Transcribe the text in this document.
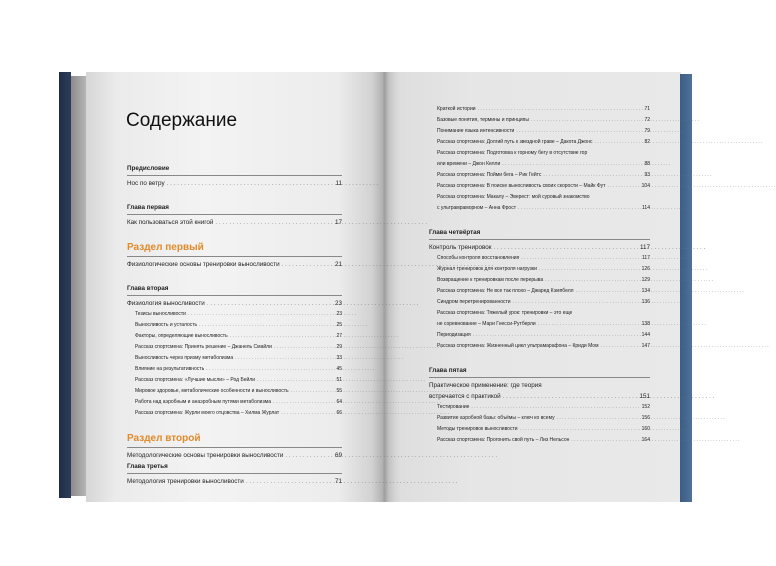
Содержание
Предисловие
Нос по ветру . . .	11
Глава первая
Как пользоваться этой книгой . . .	17
Раздел первый
Физиологические основы тренировки выносливости . . .	21
Глава вторая
Физиология выносливости . . .	23
Тезисы выносливости . . .	23
Выносливость и усталость . . .	25
Факторы, определяющие выносливость . . .	27
Рассказ спортсмена: Принять решение – Джанель Смайли . . .	29
Выносливость через призму метаболизма . . .	33
Влияние на результативность . . .	45
Рассказ спортсмена: «Лучшие мысли» – Род Бейли . . .	51
Мировое здоровье, метаболические особенности и выносливость . . .	55
Работа над аэробным и анаэробным путями метаболизма . . .	64
Рассказ спортсмена: Журли моего отцовства – Хилма Журлат . . .	66
Раздел второй
Методологические основы тренировки выносливости . . .	69
Глава третья
Методология тренировки выносливости . . .	71
Краткой истории . . .	71
Базовые понятия, термины и принципы . . .	72
Понимание языка интенсивности . . .	79
Рассказ спортсмена: Долгий путь к звездной граве – Дакота Джонс . . .	82
Рассказ спортсмена: Подготовка к горному бегу в отсутствие гор
или времени – Джон Келли . . .	88
Рассказ спортсмена: Пойми бега – Рик Гейтс . . .	93
Рассказ спортсмена: В поиске выносливость своих скорости – Майк Фут . . .	104
Рассказ спортсмена: Макалу – Эверест: мой суровый знакомство
с ультрамраморном – Анна Фрост . . .	114
Глава четвёртая
Контроль тренировок . . .	117
Способы контроля восстановления . . .	117
Журнал тренировок для контроля нагрузки . . .	126
Возвращение к тренировкам после перерыва . . .	129
Рассказ спортсмена: Не все так плохо – Джаред Кэмпбелл . . .	134
Синдром перетренированности . . .	136
Рассказ спортсмена: Тяжелый урок: тренировки – это еще
не соревнование – Мари Гнесси-Рутберли . . .	138
Периодизация . . .	144
Рассказ спортсмена: Жизненный цикл ультрамарафона – Криди Мом . . .	147
Глава пятая
Практическое применение: где теория
встречается с практикой . . .	151
Тестирование . . .	152
Развитие аэробной базы: объёмы – ключ ко всему . . .	156
Методы тренировок выносливости . . .	160
Рассказ спортсмена: Прогонить свой путь – Лиз Нельсон . . .	164
